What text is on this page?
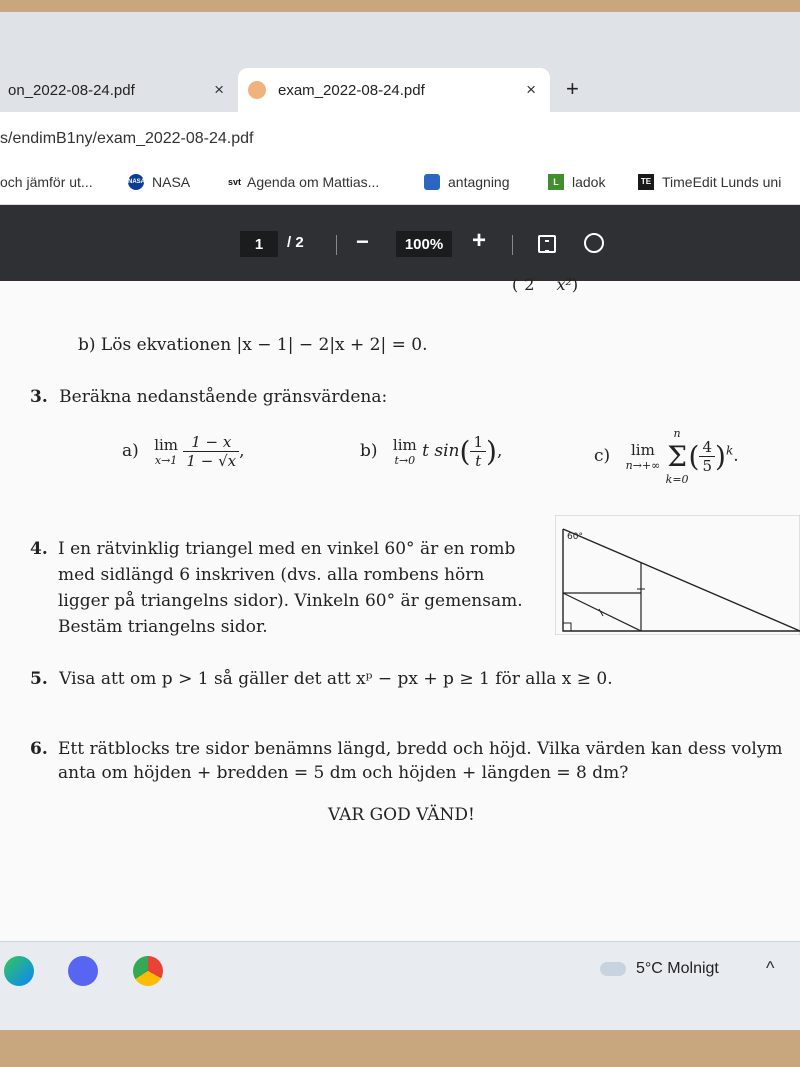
on_2022-08-24.pdf	×	exam_2022-08-24.pdf	× +
s/endimB1ny/exam_2022-08-24.pdf
och jämför ut...	NASA NASA	svt Agenda om Mattias...	antagning	L ladok	TE TimeEdit Lunds uni
1	/ 2 −	100%	+
( 2 x²)
b) Lös ekvationen |x − 1| − 2|x + 2| = 0.
3. Beräkna nedanstående gränsvärdena:
a) lim
x→1
$\frac{1 - x}{1 - √x}$ ,	b) lim
t→0 t $\sin( \frac{1}{t}$ ),	c) lim
n→+∞

n
Σ
k=0
( $\frac{4}{5} )^k$.
4. I en rätvinklig triangel med en vinkel 60° är en romb
med sidlängd 6 inskriven (dvs. alla rombens hörn
ligger på triangelns sidor). Vinkeln 60° är gemensam.
Bestäm triangelns sidor.
60°
5. Visa att om p > 1 så gäller det att xᵖ − px + p ≥ 1 för alla x ≥ 0.
6. Ett rätblocks tre sidor benämns längd, bredd och höjd. Vilka värden kan dess volym
anta om höjden + bredden = 5 dm och höjden + längden = 8 dm?
VAR GOD VÄND!
5°C Molnigt	^
